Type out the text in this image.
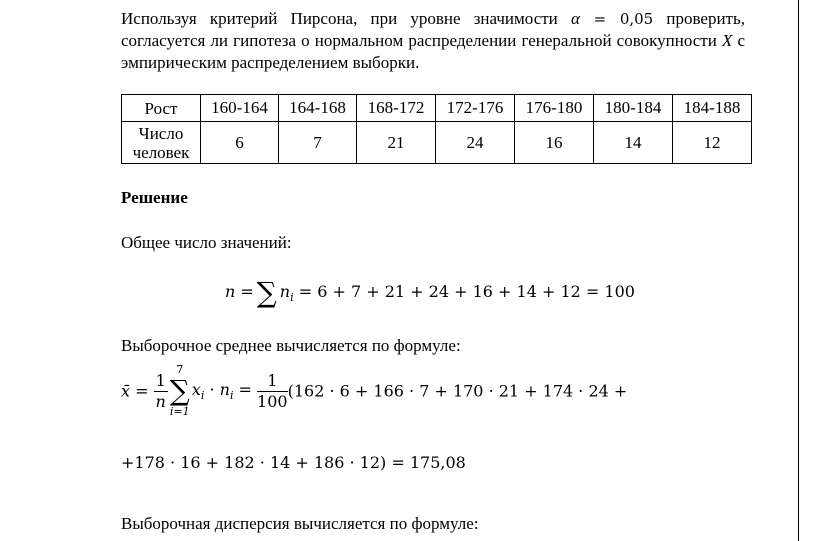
Используя критерий Пирсона, при уровне значимости α = 0,05 проверить, согласуется ли гипотеза о нормальном распределении генеральной совокупности X с эмпирическим распределением выборки.
Рост	160-164	164-168	168-172	172-176	176-180	180-184	184-188
Число человек	6	7	21	24	16	14	12
Решение
Общее число значений:
n = ∑ $n_i = 6 + 7 + 21 + 24 + 16 + 14 + 12 = 100$
Выборочное среднее вычисляется по формуле:
x̄ = $\frac{1}{n}$
7
∑
i=1
$x_i \cdot n_i = \frac{1}{100} (162 \cdot 6 + 166 \cdot 7 + 170 \cdot 21 + 174 \cdot 24$ +
+178 · 16 + 182 · 14 + 186 · 12) = 175,08
Выборочная дисперсия вычисляется по формуле:
